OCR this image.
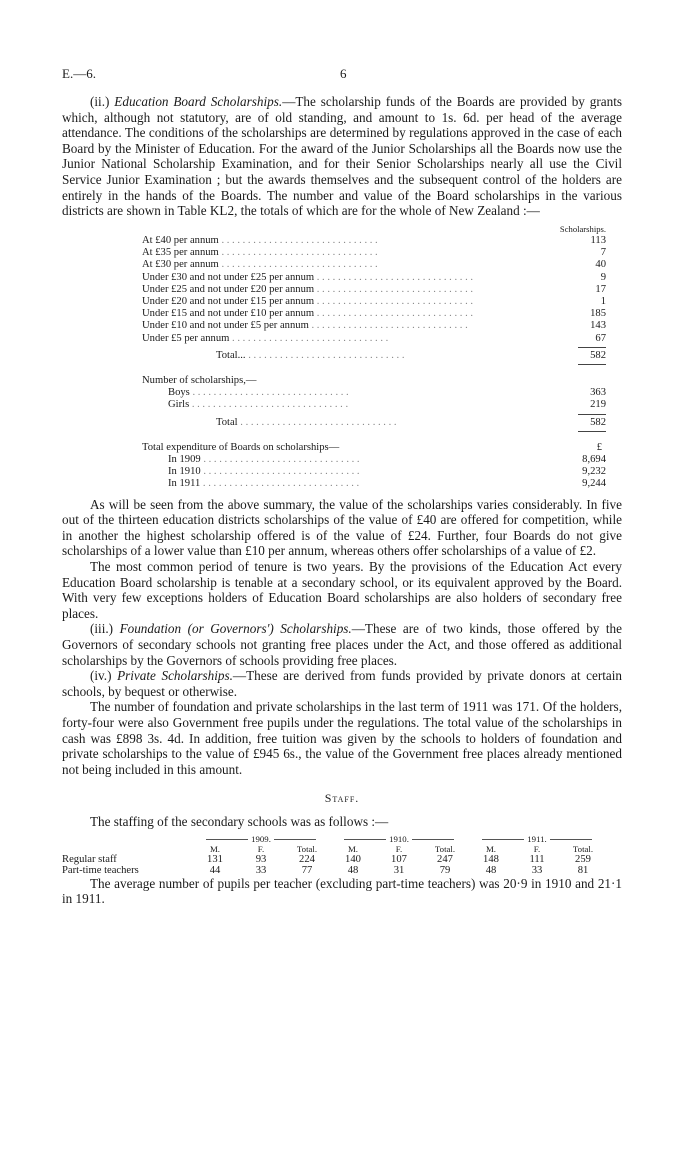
E.—6.	6

(ii.) Education Board Scholarships.—The scholarship funds of the Boards are provided by grants which, although not statutory, are of old standing, and amount to 1s. 6d. per head of the average attendance. The conditions of the scholarships are determined by regulations approved in the case of each Board by the Minister of Education. For the award of the Junior Scholarships all the Boards now use the Junior National Scholarship Examination, and for their Senior Scholarships nearly all use the Civil Service Junior Examination ; but the awards themselves and the subsequent control of the holders are entirely in the hands of the Boards. The number and value of the Board scholarships in the various districts are shown in Table KL2, the totals of which are for the whole of New Zealand :—

Scholarships.
At £40 per annum . . .	113
At £35 per annum . . .	7
At £30 per annum . . .	40
Under £30 and not under £25 per annum . . .	9
Under £25 and not under £20 per annum . . .	17
Under £20 and not under £15 per annum . . .	1
Under £15 and not under £10 per annum . . .	185
Under £10 and not under £5 per annum . . .	143
Under £5 per annum . . .	67
Total... . . .	582
Number of scholarships,—
Boys . . .	363
Girls . . .	219
Total . . .	582
Total expenditure of Boards on scholarships—	£
In 1909 . . .	8,694
In 1910 . . .	9,232
In 1911 . . .	9,244

As will be seen from the above summary, the value of the scholarships varies considerably. In five out of the thirteen education districts scholarships of the value of £40 are offered for competition, while in another the highest scholarship offered is of the value of £24. Further, four Boards do not give scholarships of a lower value than £10 per annum, whereas others offer scholarships of a value of £2.

The most common period of tenure is two years. By the provisions of the Education Act every Education Board scholarship is tenable at a secondary school, or its equivalent approved by the Board. With very few exceptions holders of Education Board scholarships are also holders of secondary free places.

(iii.) Foundation (or Governors') Scholarships.—These are of two kinds, those offered by the Governors of secondary schools not granting free places under the Act, and those offered as additional scholarships by the Governors of schools providing free places.

(iv.) Private Scholarships.—These are derived from funds provided by private donors at certain schools, by bequest or otherwise.

The number of foundation and private scholarships in the last term of 1911 was 171. Of the holders, forty-four were also Government free pupils under the regulations. The total value of the scholarships in cash was £898 3s. 4d. In addition, free tuition was given by the schools to holders of foundation and private scholarships to the value of £945 6s., the value of the Government free places already mentioned not being included in this amount.

Staff.

The staffing of the secondary schools was as follows :—

1909.	1910.	1911.
M.	F.	Total.	M.	F.	Total.	M.	F.	Total.
Regular staff	131	93	224	140	107	247	148	111	259
Part-time teachers	44	33	77	48	31	79	48	33	81

The average number of pupils per teacher (excluding part-time teachers) was 20·9 in 1910 and 21·1 in 1911.
